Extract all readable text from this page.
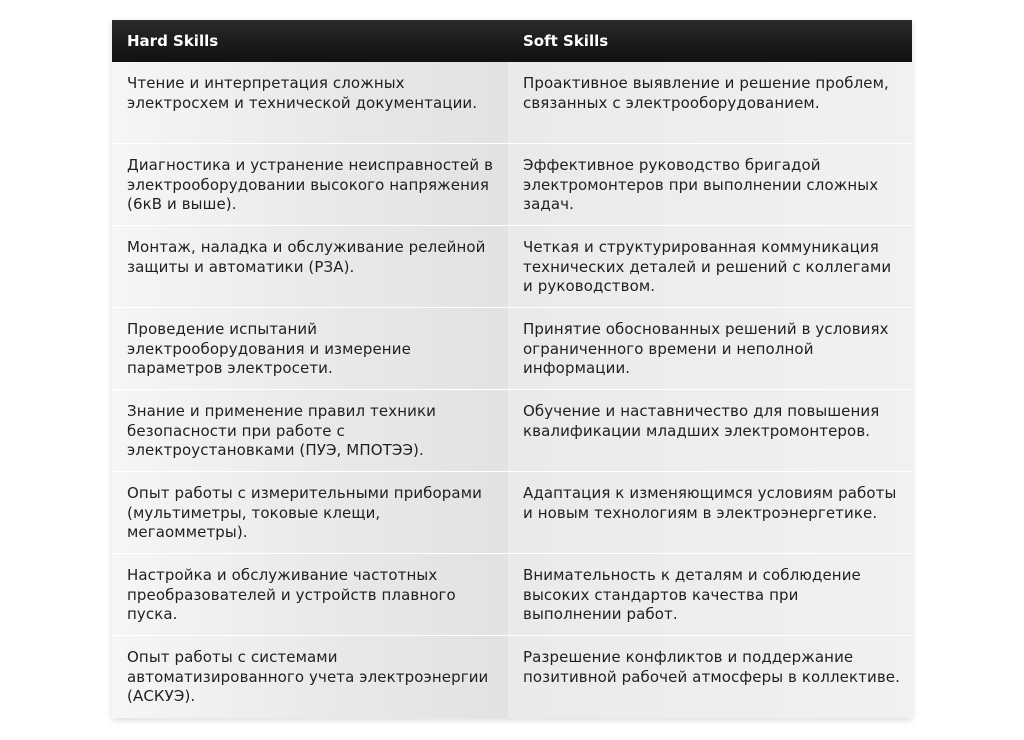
Hard Skills	Soft Skills
Чтение и интерпретация сложных электросхем и технической документации.
Проактивное выявление и решение проблем, связанных с электрооборудованием.
Диагностика и устранение неисправностей в электрооборудовании высокого напряжения (6кВ и выше).
Эффективное руководство бригадой электромонтеров при выполнении сложных задач.
Монтаж, наладка и обслуживание релейной защиты и автоматики (РЗА).
Четкая и структурированная коммуникация технических деталей и решений с коллегами и руководством.
Проведение испытаний электрооборудования и измерение параметров электросети.
Принятие обоснованных решений в условиях ограниченного времени и неполной информации.
Знание и применение правил техники безопасности при работе с электроустановками (ПУЭ, МПОТЭЭ).
Обучение и наставничество для повышения квалификации младших электромонтеров.
Опыт работы с измерительными приборами (мультиметры, токовые клещи, мегаомметры).
Адаптация к изменяющимся условиям работы и новым технологиям в электроэнергетике.
Настройка и обслуживание частотных преобразователей и устройств плавного пуска.
Внимательность к деталям и соблюдение высоких стандартов качества при выполнении работ.
Опыт работы с системами автоматизированного учета электроэнергии (АСКУЭ).
Разрешение конфликтов и поддержание позитивной рабочей атмосферы в коллективе.
